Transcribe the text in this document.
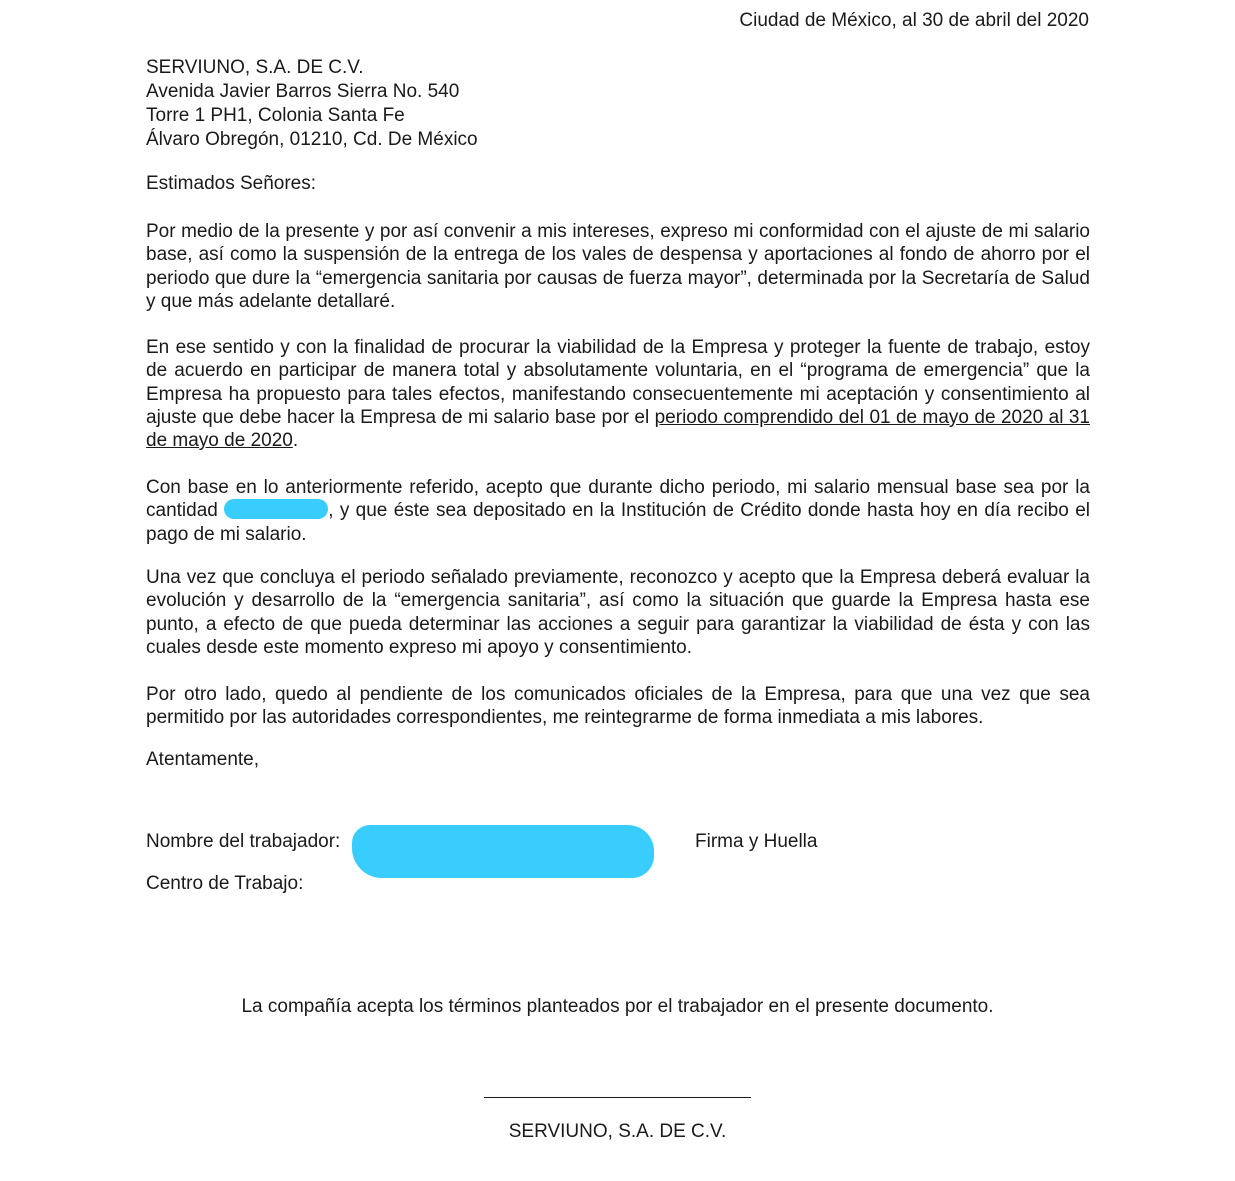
Ciudad de México, al 30 de abril del 2020
SERVIUNO, S.A. DE C.V.
Avenida Javier Barros Sierra No. 540
Torre 1 PH1, Colonia Santa Fe
Álvaro Obregón, 01210, Cd. De México
Estimados Señores:
Por medio de la presente y por así convenir a mis intereses, expreso mi conformidad con el ajuste de mi salario base, así como la suspensión de la entrega de los vales de despensa y aportaciones al fondo de ahorro por el periodo que dure la “emergencia sanitaria por causas de fuerza mayor”, determinada por la Secretaría de Salud y que más adelante detallaré.
En ese sentido y con la finalidad de procurar la viabilidad de la Empresa y proteger la fuente de trabajo, estoy de acuerdo en participar de manera total y absolutamente voluntaria, en el “programa de emergencia” que la Empresa ha propuesto para tales efectos, manifestando consecuentemente mi aceptación y consentimiento al ajuste que debe hacer la Empresa de mi salario base por el periodo comprendido del 01 de mayo de 2020 al 31 de mayo de 2020.
Con base en lo anteriormente referido, acepto que durante dicho periodo, mi salario mensual base sea por la cantidad	, y que éste sea depositado en la Institución de Crédito donde hasta hoy en día recibo el pago de mi salario.
Una vez que concluya el periodo señalado previamente, reconozco y acepto que la Empresa deberá evaluar la evolución y desarrollo de la “emergencia sanitaria”, así como la situación que guarde la Empresa hasta ese punto, a efecto de que pueda determinar las acciones a seguir para garantizar la viabilidad de ésta y con las cuales desde este momento expreso mi apoyo y consentimiento.
Por otro lado, quedo al pendiente de los comunicados oficiales de la Empresa, para que una vez que sea permitido por las autoridades correspondientes, me reintegrarme de forma inmediata a mis labores.
Atentamente,
Nombre del trabajador:	Firma y Huella
Centro de Trabajo:
La compañía acepta los términos planteados por el trabajador en el presente documento.
SERVIUNO, S.A. DE C.V.
